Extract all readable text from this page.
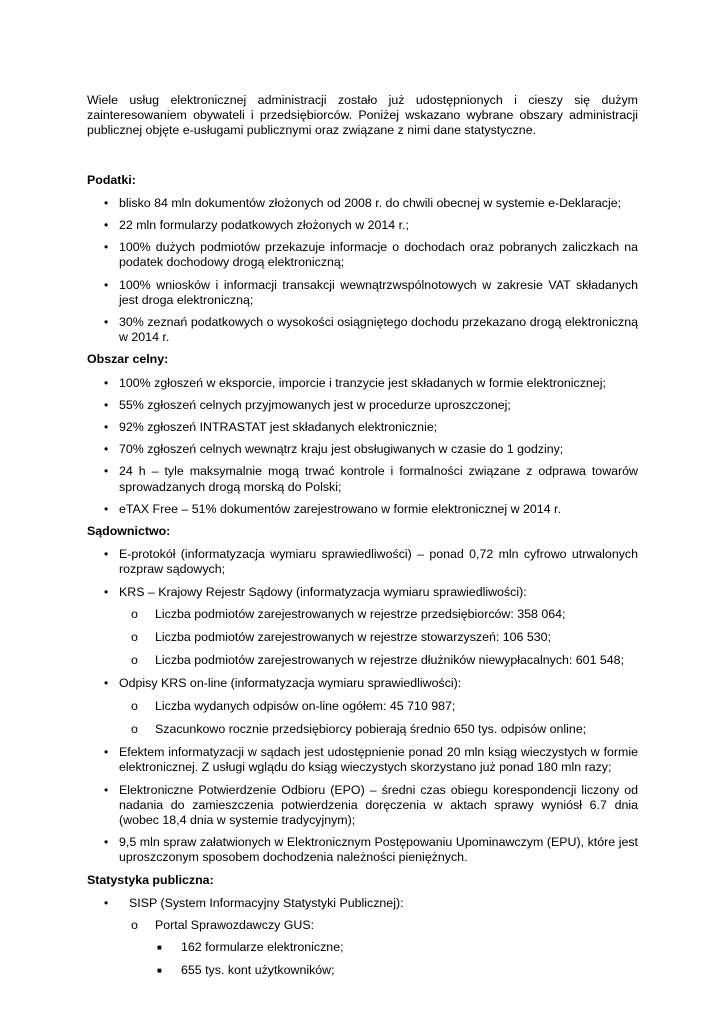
Wiele usług elektronicznej administracji zostało już udostępnionych i cieszy się dużym zainteresowaniem obywateli i przedsiębiorców. Poniżej wskazano wybrane obszary administracji publicznej objęte e-usługami publicznymi oraz związane z nimi dane statystyczne.

Podatki:
• blisko 84 mln dokumentów złożonych od 2008 r. do chwili obecnej w systemie e-Deklaracje;
• 22 mln formularzy podatkowych złożonych w 2014 r.;
• 100% dużych podmiotów przekazuje informacje o dochodach oraz pobranych zaliczkach na podatek dochodowy drogą elektroniczną;
• 100% wniosków i informacji transakcji wewnątrzwspólnotowych w zakresie VAT składanych jest droga elektroniczną;
• 30% zeznań podatkowych o wysokości osiągniętego dochodu przekazano drogą elektroniczną w 2014 r.
Obszar celny:
• 100% zgłoszeń w eksporcie, imporcie i tranzycie jest składanych w formie elektronicznej;
• 55% zgłoszeń celnych przyjmowanych jest w procedurze uproszczonej;
• 92% zgłoszeń INTRASTAT jest składanych elektronicznie;
• 70% zgłoszeń celnych wewnątrz kraju jest obsługiwanych w czasie do 1 godziny;
• 24 h – tyle maksymalnie mogą trwać kontrole i formalności związane z odprawa towarów sprowadzanych drogą morską do Polski;
• eTAX Free – 51% dokumentów zarejestrowano w formie elektronicznej w 2014 r.
Sądownictwo:
• E-protokół (informatyzacja wymiaru sprawiedliwości) – ponad 0,72 mln cyfrowo utrwalonych rozpraw sądowych;
• KRS – Krajowy Rejestr Sądowy (informatyzacja wymiaru sprawiedliwości):
o Liczba podmiotów zarejestrowanych w rejestrze przedsiębiorców: 358 064;
o Liczba podmiotów zarejestrowanych w rejestrze stowarzyszeń: 106 530;
o Liczba podmiotów zarejestrowanych w rejestrze dłużników niewypłacalnych: 601 548;
• Odpisy KRS on-line (informatyzacja wymiaru sprawiedliwości):
o Liczba wydanych odpisów on-line ogółem: 45 710 987;
o Szacunkowo rocznie przedsiębiorcy pobierają średnio 650 tys. odpisów online;
• Efektem informatyzacji w sądach jest udostępnienie ponad 20 mln ksiąg wieczystych w formie elektronicznej. Z usługi wglądu do ksiąg wieczystych skorzystano już ponad 180 mln razy;
• Elektroniczne Potwierdzenie Odbioru (EPO) – średni czas obiegu korespondencji liczony od nadania do zamieszczenia potwierdzenia doręczenia w aktach sprawy wyniósł 6.7 dnia (wobec 18,4 dnia w systemie tradycyjnym);
• 9,5 mln spraw załatwionych w Elektronicznym Postępowaniu Upominawczym (EPU), które jest uproszczonym sposobem dochodzenia należności pieniężnych.
Statystyka publiczna:
• SISP (System Informacyjny Statystyki Publicznej):
o Portal Sprawozdawczy GUS:
■ 162 formularze elektroniczne;
■ 655 tys. kont użytkowników;
